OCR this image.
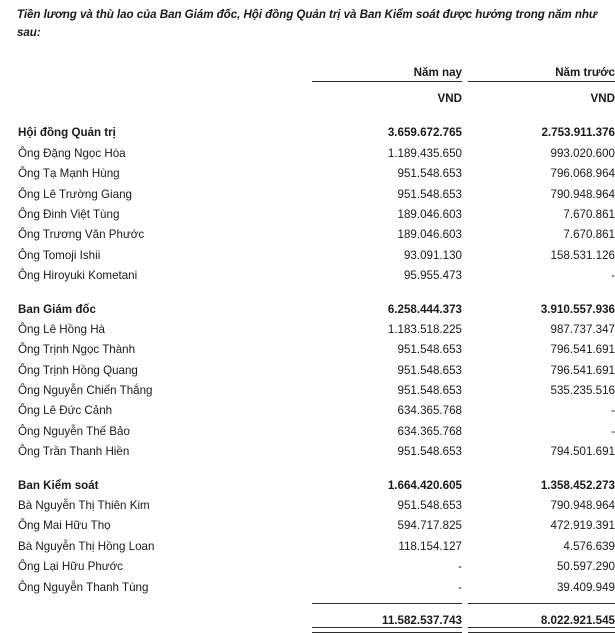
Tiền lương và thù lao của Ban Giám đốc, Hội đồng Quản trị và Ban Kiểm soát được hưởng trong năm như sau:
	Năm nay		Năm trước
	VND		VND

Hội đồng Quản trị	3.659.672.765		2.753.911.376
Ông Đặng Ngọc Hòa	1.189.435.650		993.020.600
Ông Tạ Mạnh Hùng	951.548.653		796.068.964
Ông Lê Trường Giang	951.548.653		790.948.964
Ông Đinh Việt Tùng	189.046.603		7.670.861
Ông Trương Văn Phước	189.046.603		7.670.861
Ông Tomoji Ishii	93.091.130		158.531.126
Ông Hiroyuki Kometani	95.955.473		-
Ban Giám đốc	6.258.444.373		3.910.557.936
Ông Lê Hồng Hà	1.183.518.225		987.737.347
Ông Trịnh Ngọc Thành	951.548.653		796.541.691
Ông Trịnh Hồng Quang	951.548.653		796.541.691
Ông Nguyễn Chiến Thắng	951.548.653		535.235.516
Ông Lê Đức Cảnh	634.365.768		-
Ông Nguyễn Thế Bảo	634.365.768		-
Ông Trần Thanh Hiền	951.548.653		794.501.691
Ban Kiểm soát	1.664.420.605		1.358.452.273
Bà Nguyễn Thị Thiên Kim	951.548.653		790.948.964
Ông Mai Hữu Thọ	594.717.825		472.919.391
Bà Nguyễn Thị Hồng Loan	118.154.127		4.576.639
Ông Lại Hữu Phước	-		50.597.290
Ông Nguyễn Thanh Tùng	-		39.409.949

	11.582.537.743		8.022.921.545
